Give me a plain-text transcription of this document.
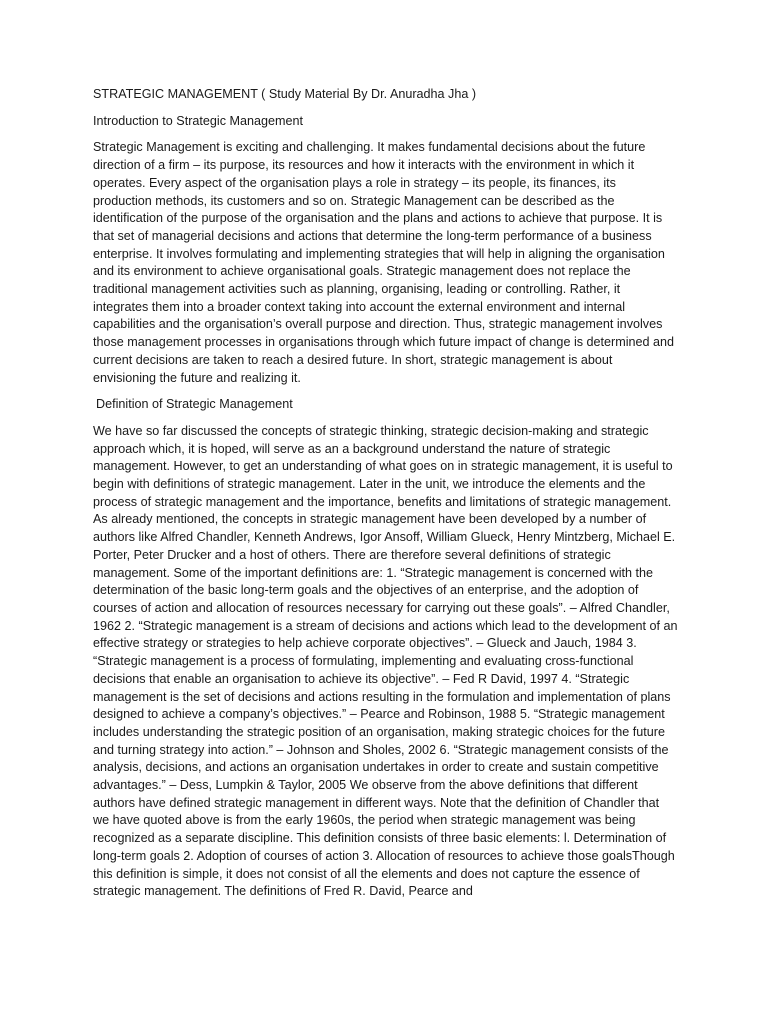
STRATEGIC MANAGEMENT ( Study Material By Dr. Anuradha Jha )

Introduction to Strategic Management

Strategic Management is exciting and challenging. It makes fundamental decisions about the future direction of a firm – its purpose, its resources and how it interacts with the environment in which it operates. Every aspect of the organisation plays a role in strategy – its people, its finances, its production methods, its customers and so on. Strategic Management can be described as the identification of the purpose of the organisation and the plans and actions to achieve that purpose. It is that set of managerial decisions and actions that determine the long-term performance of a business enterprise. It involves formulating and implementing strategies that will help in aligning the organisation and its environment to achieve organisational goals. Strategic management does not replace the traditional management activities such as planning, organising, leading or controlling. Rather, it integrates them into a broader context taking into account the external environment and internal capabilities and the organisation’s overall purpose and direction. Thus, strategic management involves those management processes in organisations through which future impact of change is determined and current decisions are taken to reach a desired future. In short, strategic management is about envisioning the future and realizing it.

Definition of Strategic Management

We have so far discussed the concepts of strategic thinking, strategic decision-making and strategic approach which, it is hoped, will serve as an a background understand the nature of strategic management. However, to get an understanding of what goes on in strategic management, it is useful to begin with definitions of strategic management. Later in the unit, we introduce the elements and the process of strategic management and the importance, benefits and limitations of strategic management. As already mentioned, the concepts in strategic management have been developed by a number of authors like Alfred Chandler, Kenneth Andrews, Igor Ansoff, William Glueck, Henry Mintzberg, Michael E. Porter, Peter Drucker and a host of others. There are therefore several definitions of strategic management. Some of the important definitions are: 1. “Strategic management is concerned with the determination of the basic long-term goals and the objectives of an enterprise, and the adoption of courses of action and allocation of resources necessary for carrying out these goals”. – Alfred Chandler, 1962 2. “Strategic management is a stream of decisions and actions which lead to the development of an effective strategy or strategies to help achieve corporate objectives”. – Glueck and Jauch, 1984 3. “Strategic management is a process of formulating, implementing and evaluating cross-functional decisions that enable an organisation to achieve its objective”. – Fed R David, 1997 4. “Strategic management is the set of decisions and actions resulting in the formulation and implementation of plans designed to achieve a company’s objectives.” – Pearce and Robinson, 1988 5. “Strategic management includes understanding the strategic position of an organisation, making strategic choices for the future and turning strategy into action.” – Johnson and Sholes, 2002 6. “Strategic management consists of the analysis, decisions, and actions an organisation undertakes in order to create and sustain competitive advantages.” – Dess, Lumpkin & Taylor, 2005 We observe from the above definitions that different authors have defined strategic management in different ways. Note that the definition of Chandler that we have quoted above is from the early 1960s, the period when strategic management was being recognized as a separate discipline. This definition consists of three basic elements: l. Determination of long-term goals 2. Adoption of courses of action 3. Allocation of resources to achieve those goalsThough this definition is simple, it does not consist of all the elements and does not capture the essence of strategic management. The definitions of Fred R. David, Pearce and
